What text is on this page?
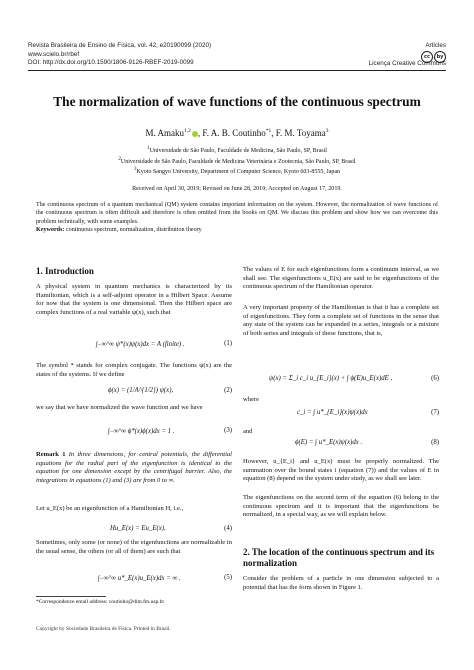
Revista Brasileira de Ensino de Física, vol. 42, e20190099 (2020)
www.scielo.br/rbef
DOI: http://dx.doi.org/10.1590/1806-9126-RBEF-2019-0099
Articles
cc by
Licença Creative Commons
The normalization of wave functions of the continuous spectrum
M. Amaku$^{1,2}$ , F. A. B. Coutinho$^{*1}$, F. M. Toyama$^3$
$^1$Universidade de São Paulo, Faculdade de Medicina, São Paulo, SP, Brasil
$^2$Universidade de São Paulo, Faculdade de Medicina Veterinária e Zootecnia, São Paulo, SP, Brasil
$^3$Kyoto Sangyo University, Department of Computer Science, Kyoto 603-8555, Japan
Received on April 30, 2019; Revised on June 28, 2019; Accepted on August 17, 2019.
The continuous spectrum of a quantum mechanical (QM) system contains important information on the system. However, the normalization of wave functions of the continuous spectrum is often difficult and therefore is often omitted from the books on QM. We discuss this problem and show how we can overcome this problem technically, with some examples.
Keywords: continuous spectrum, normalization, distribution theory
1. Introduction
A physical system in quantum mechanics is characterized by its Hamiltonian, which is a self-adjoint operator in a Hilbert Space. Assume for now that the system is one dimensional. Then the Hilbert space are complex functions of a real variable ψ(x), such that
∫₋∞^∞ ψ*(x)ψ(x)dx = A (finite) .	(1)
The symbol * stands for complex conjugate. The functions ψ(x) are the states of the systems. If we define
ϕ(x) = (1/A^{1/2}) ψ(x),	(2)
we say that we have normalized the wave function and we have
∫₋∞^∞ ϕ*(x)ϕ(x)dx = 1 .	(3)
Remark 1 In three dimensions, for central potentials, the differential equations for the radial part of the eigenfunction is identical to the equation for one dimension except by the centrifugal barrier. Also, the integrations in equations (1) and (3) are from 0 to ∞.
Let u_E(x) be an eigenfunction of a Hamiltonian H, i.e.,
Hu_E(x) = Eu_E(x).	(4)
Sometimes, only some (or none) of the eigenfunctions are normalizable in the usual sense, the others (or all of them) are such that
∫₋∞^∞ u*_E(x)u_E(x)dx = ∞ .	(5)
*Correspondence email address: coutinho@dim.fm.usp.br
The values of E for such eigenfunctions form a continuum interval, as we shall see. The eigenfunctions u_E(x) are said to be eigenfunctions of the continuous spectrum of the Hamiltonian operator.
A very important property of the Hamiltonian is that it has a complete set of eigenfunctions. They form a complete set of functions in the sense that any state of the system can be expanded in a series, integrals or a mixture of both series and integrals of these functions, that is,
ψ(x) = Σ_i c_i u_{E_i}(x) + ∫ ϕ(E)u_E(x)dE ,	(6)
where
c_i = ∫ u*_{E_i}(x)ψ(x)dx	(7)
and
ϕ(E) = ∫ u*_E(x)ψ(x)dx .	(8)
However, u_{E_i} and u_E(x) must be properly normalized. The summation over the bound states i (equation (7)) and the values of E in equation (8) depend on the system under study, as we shall see later.
The eigenfunctions on the second term of the equation (6) belong to the continuous spectrum and it is important that the eigenfunctions be normalized, in a special way, as we will explain below.
2. The location of the continuous spectrum and its normalization
Consider the problem of a particle in one dimension subjected to a potential that has the form shown in Figure 1.
Copyright by Sociedade Brasileira de Física. Printed in Brazil.
